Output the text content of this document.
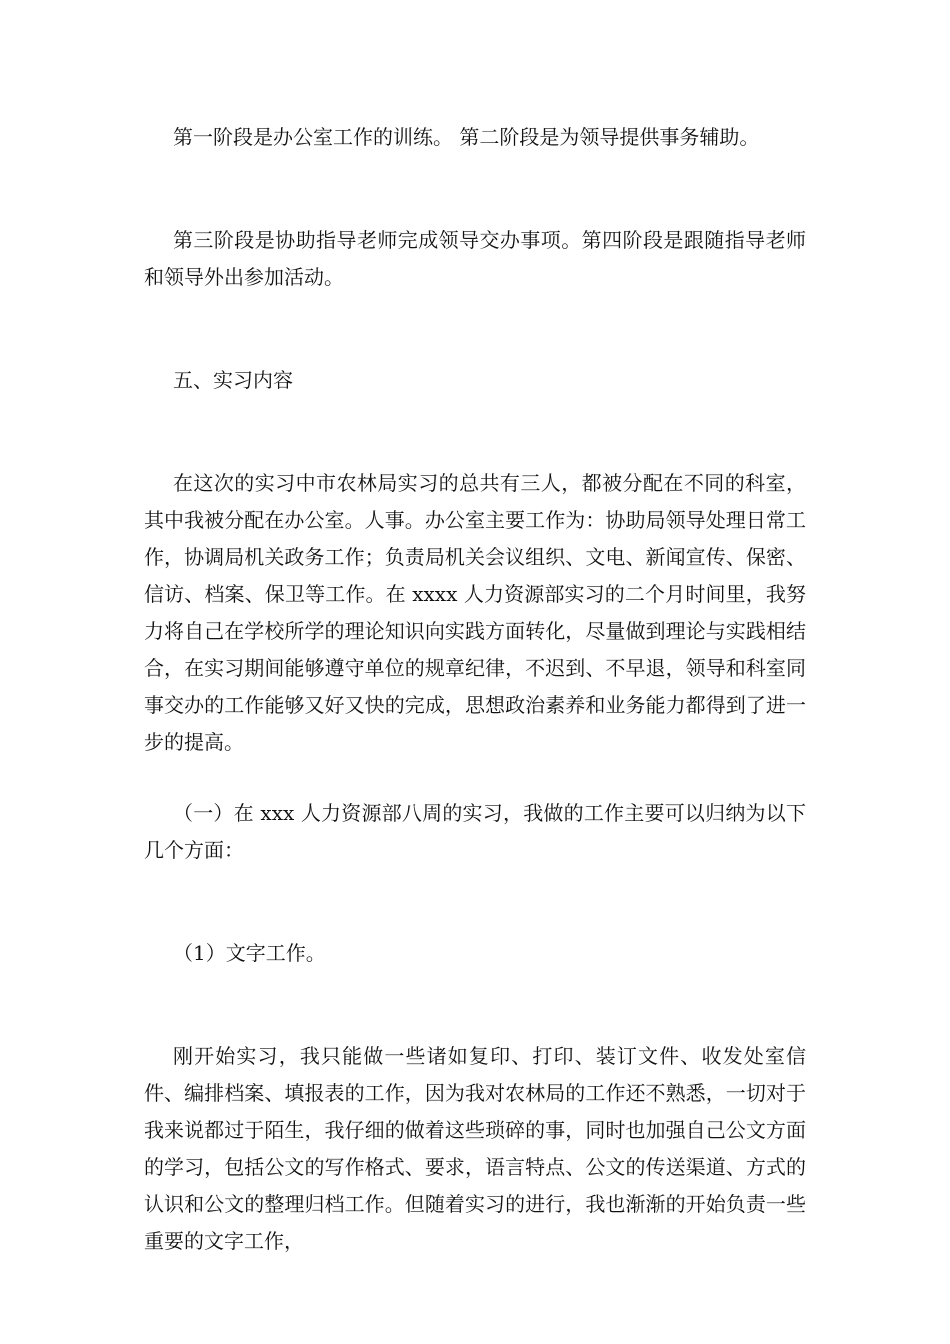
第一阶段是办公室工作的训练。 第二阶段是为领导提供事务辅助。

第三阶段是协助指导老师完成领导交办事项。第四阶段是跟随指导老师和领导外出参加活动。

五、实习内容

在这次的实习中市农林局实习的总共有三人，都被分配在不同的科室，其中我被分配在办公室。人事。办公室主要工作为：协助局领导处理日常工作，协调局机关政务工作；负责局机关会议组织、文电、新闻宣传、保密、信访、档案、保卫等工作。在 xxxx 人力资源部实习的二个月时间里，我努力将自己在学校所学的理论知识向实践方面转化，尽量做到理论与实践相结合，在实习期间能够遵守单位的规章纪律，不迟到、不早退，领导和科室同事交办的工作能够又好又快的完成，思想政治素养和业务能力都得到了进一步的提高。

（一）在 xxx 人力资源部八周的实习，我做的工作主要可以归纳为以下几个方面：

（1）文字工作。

刚开始实习，我只能做一些诸如复印、打印、装订文件、收发处室信件、编排档案、填报表的工作，因为我对农林局的工作还不熟悉，一切对于我来说都过于陌生，我仔细的做着这些琐碎的事，同时也加强自己公文方面的学习，包括公文的写作格式、要求，语言特点、公文的传送渠道、方式的认识和公文的整理归档工作。但随着实习的进行，我也渐渐的开始负责一些重要的文字工作，
